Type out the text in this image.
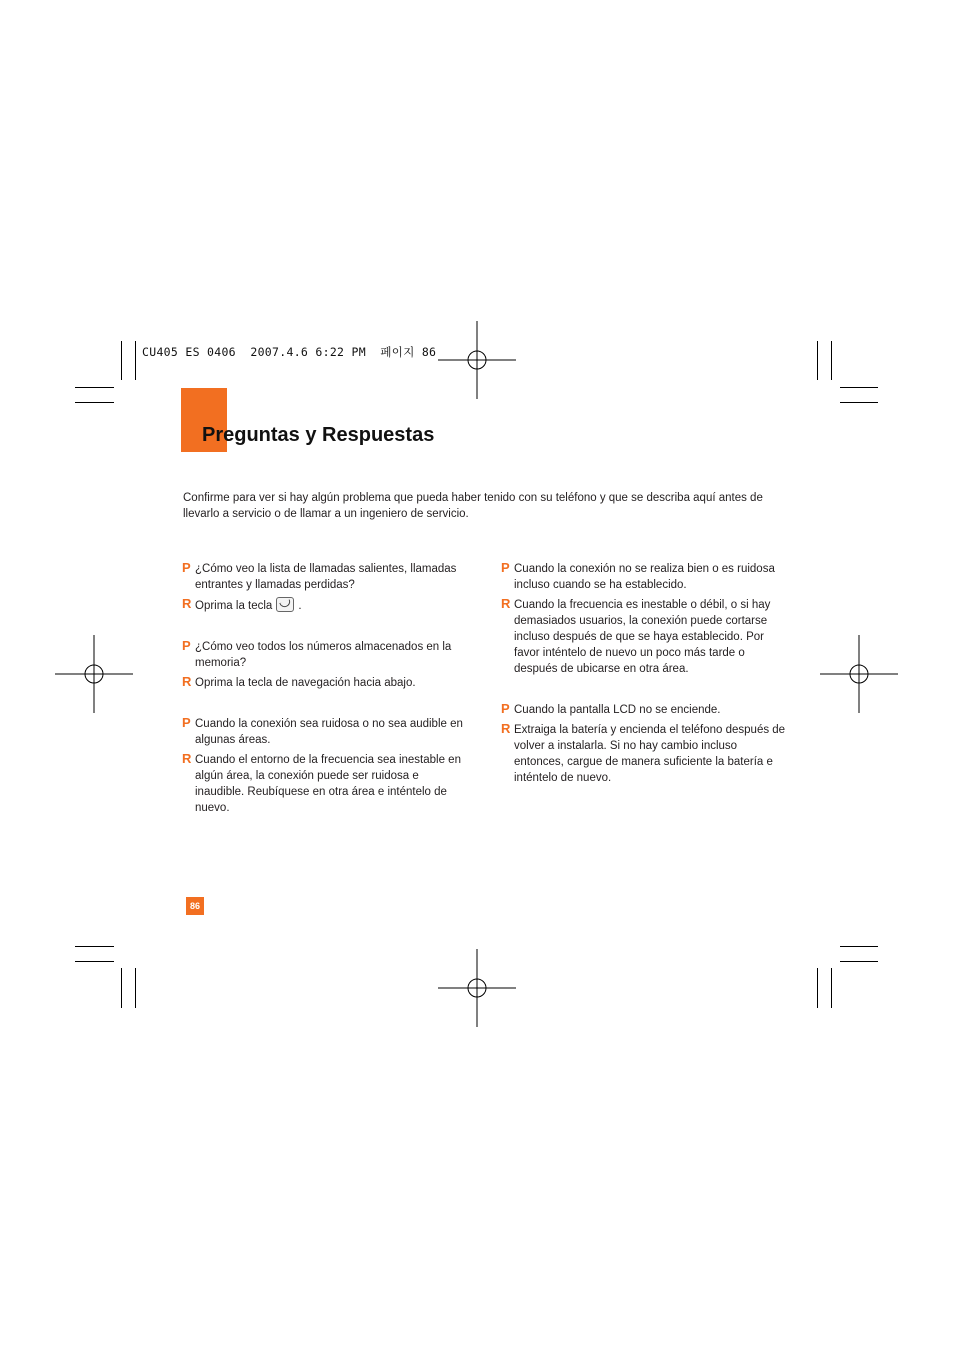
CU405 ES 0406  2007.4.6 6:22 PM  페이지 86
Preguntas y Respuestas

Confirme para ver si hay algún problema que pueda haber tenido con su teléfono y que se describa aquí antes de llevarlo a servicio o de llamar a un ingeniero de servicio.

P ¿Cómo veo la lista de llamadas salientes, llamadas entrantes y llamadas perdidas?

R Oprima la tecla .

P ¿Cómo veo todos los números almacenados en la memoria?

R Oprima la tecla de navegación hacia abajo.

P Cuando la conexión sea ruidosa o no sea audible en algunas áreas.

R Cuando el entorno de la frecuencia sea inestable en algún área, la conexión puede ser ruidosa e inaudible. Reubíquese en otra área e inténtelo de nuevo.

P Cuando la conexión no se realiza bien o es ruidosa incluso cuando se ha establecido.

R Cuando la frecuencia es inestable o débil, o si hay demasiados usuarios, la conexión puede cortarse incluso después de que se haya establecido. Por favor inténtelo de nuevo un poco más tarde o después de ubicarse en otra área.

P Cuando la pantalla LCD no se enciende.

R Extraiga la batería y encienda el teléfono después de volver a instalarla. Si no hay cambio incluso entonces, cargue de manera suficiente la batería e inténtelo de nuevo.

86
